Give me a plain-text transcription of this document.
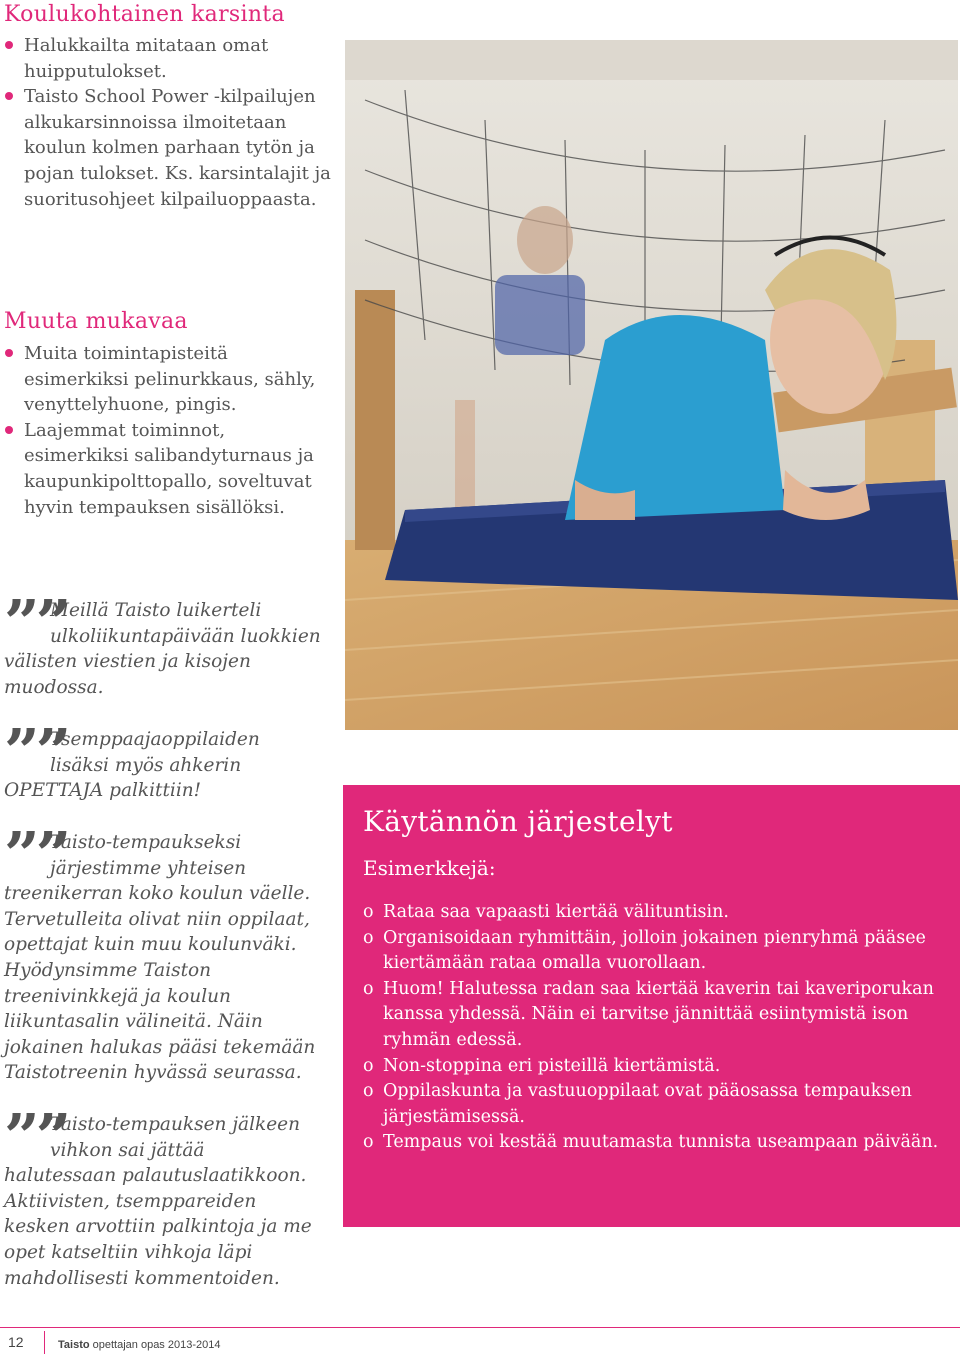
Koulukohtainen karsinta
Halukkailta mitataan omat huipputulokset.
Taisto School Power -kilpailujen alkukarsinnoissa ilmoitetaan koulun kolmen parhaan tytön ja pojan tulokset. Ks. karsintalajit ja suoritusohjeet kilpailuoppaasta.
Muuta mukavaa
Muita toimintapisteitä esimerkiksi pelinurkkaus, sähly, venyttelyhuone, pingis.
Laajemmat toiminnot, esimerkiksi salibandyturnaus ja kaupunkipolttopallo, soveltuvat hyvin tempauksen sisällöksi.
””

Meillä Taisto luikerteli ulkoliikuntapäivään luokkien välisten viestien ja kisojen muodossa.

””

Tsemppaajaoppilaiden lisäksi myös ahkerin OPETTAJA palkittiin!

””

Taisto-tempaukseksi järjestimme yhteisen treenikerran koko koulun väelle. Tervetulleita olivat niin oppilaat, opettajat kuin muu koulunväki. Hyödynsimme Taiston treenivinkkejä ja koulun liikuntasalin välineitä. Näin jokainen halukas pääsi tekemään Taistotreenin hyvässä seurassa.

””

Taisto-tempauksen jälkeen vihkon sai jättää halutessaan palautuslaatikkoon. Aktiivisten, tsemppareiden kesken arvottiin palkintoja ja me opet katseltiin vihkoja läpi mahdollisesti kommentoiden.

Käytännön järjestelyt
Esimerkkejä:
o Rataa saa vapaasti kiertää välituntisin.
o Organisoidaan ryhmittäin, jolloin jokainen pienryhmä pääsee kiertämään rataa omalla vuorollaan.
o Huom! Halutessa radan saa kiertää kaverin tai kaveriporukan kanssa yhdessä. Näin ei tarvitse jännittää esiintymistä ison ryhmän edessä.
o Non-stoppina eri pisteillä kiertämistä.
o Oppilaskunta ja vastuuoppilaat ovat pääosassa tempauksen järjestämisessä.
o Tempaus voi kestää muutamasta tunnista useampaan päivään.
12	Taisto opettajan opas 2013-2014
